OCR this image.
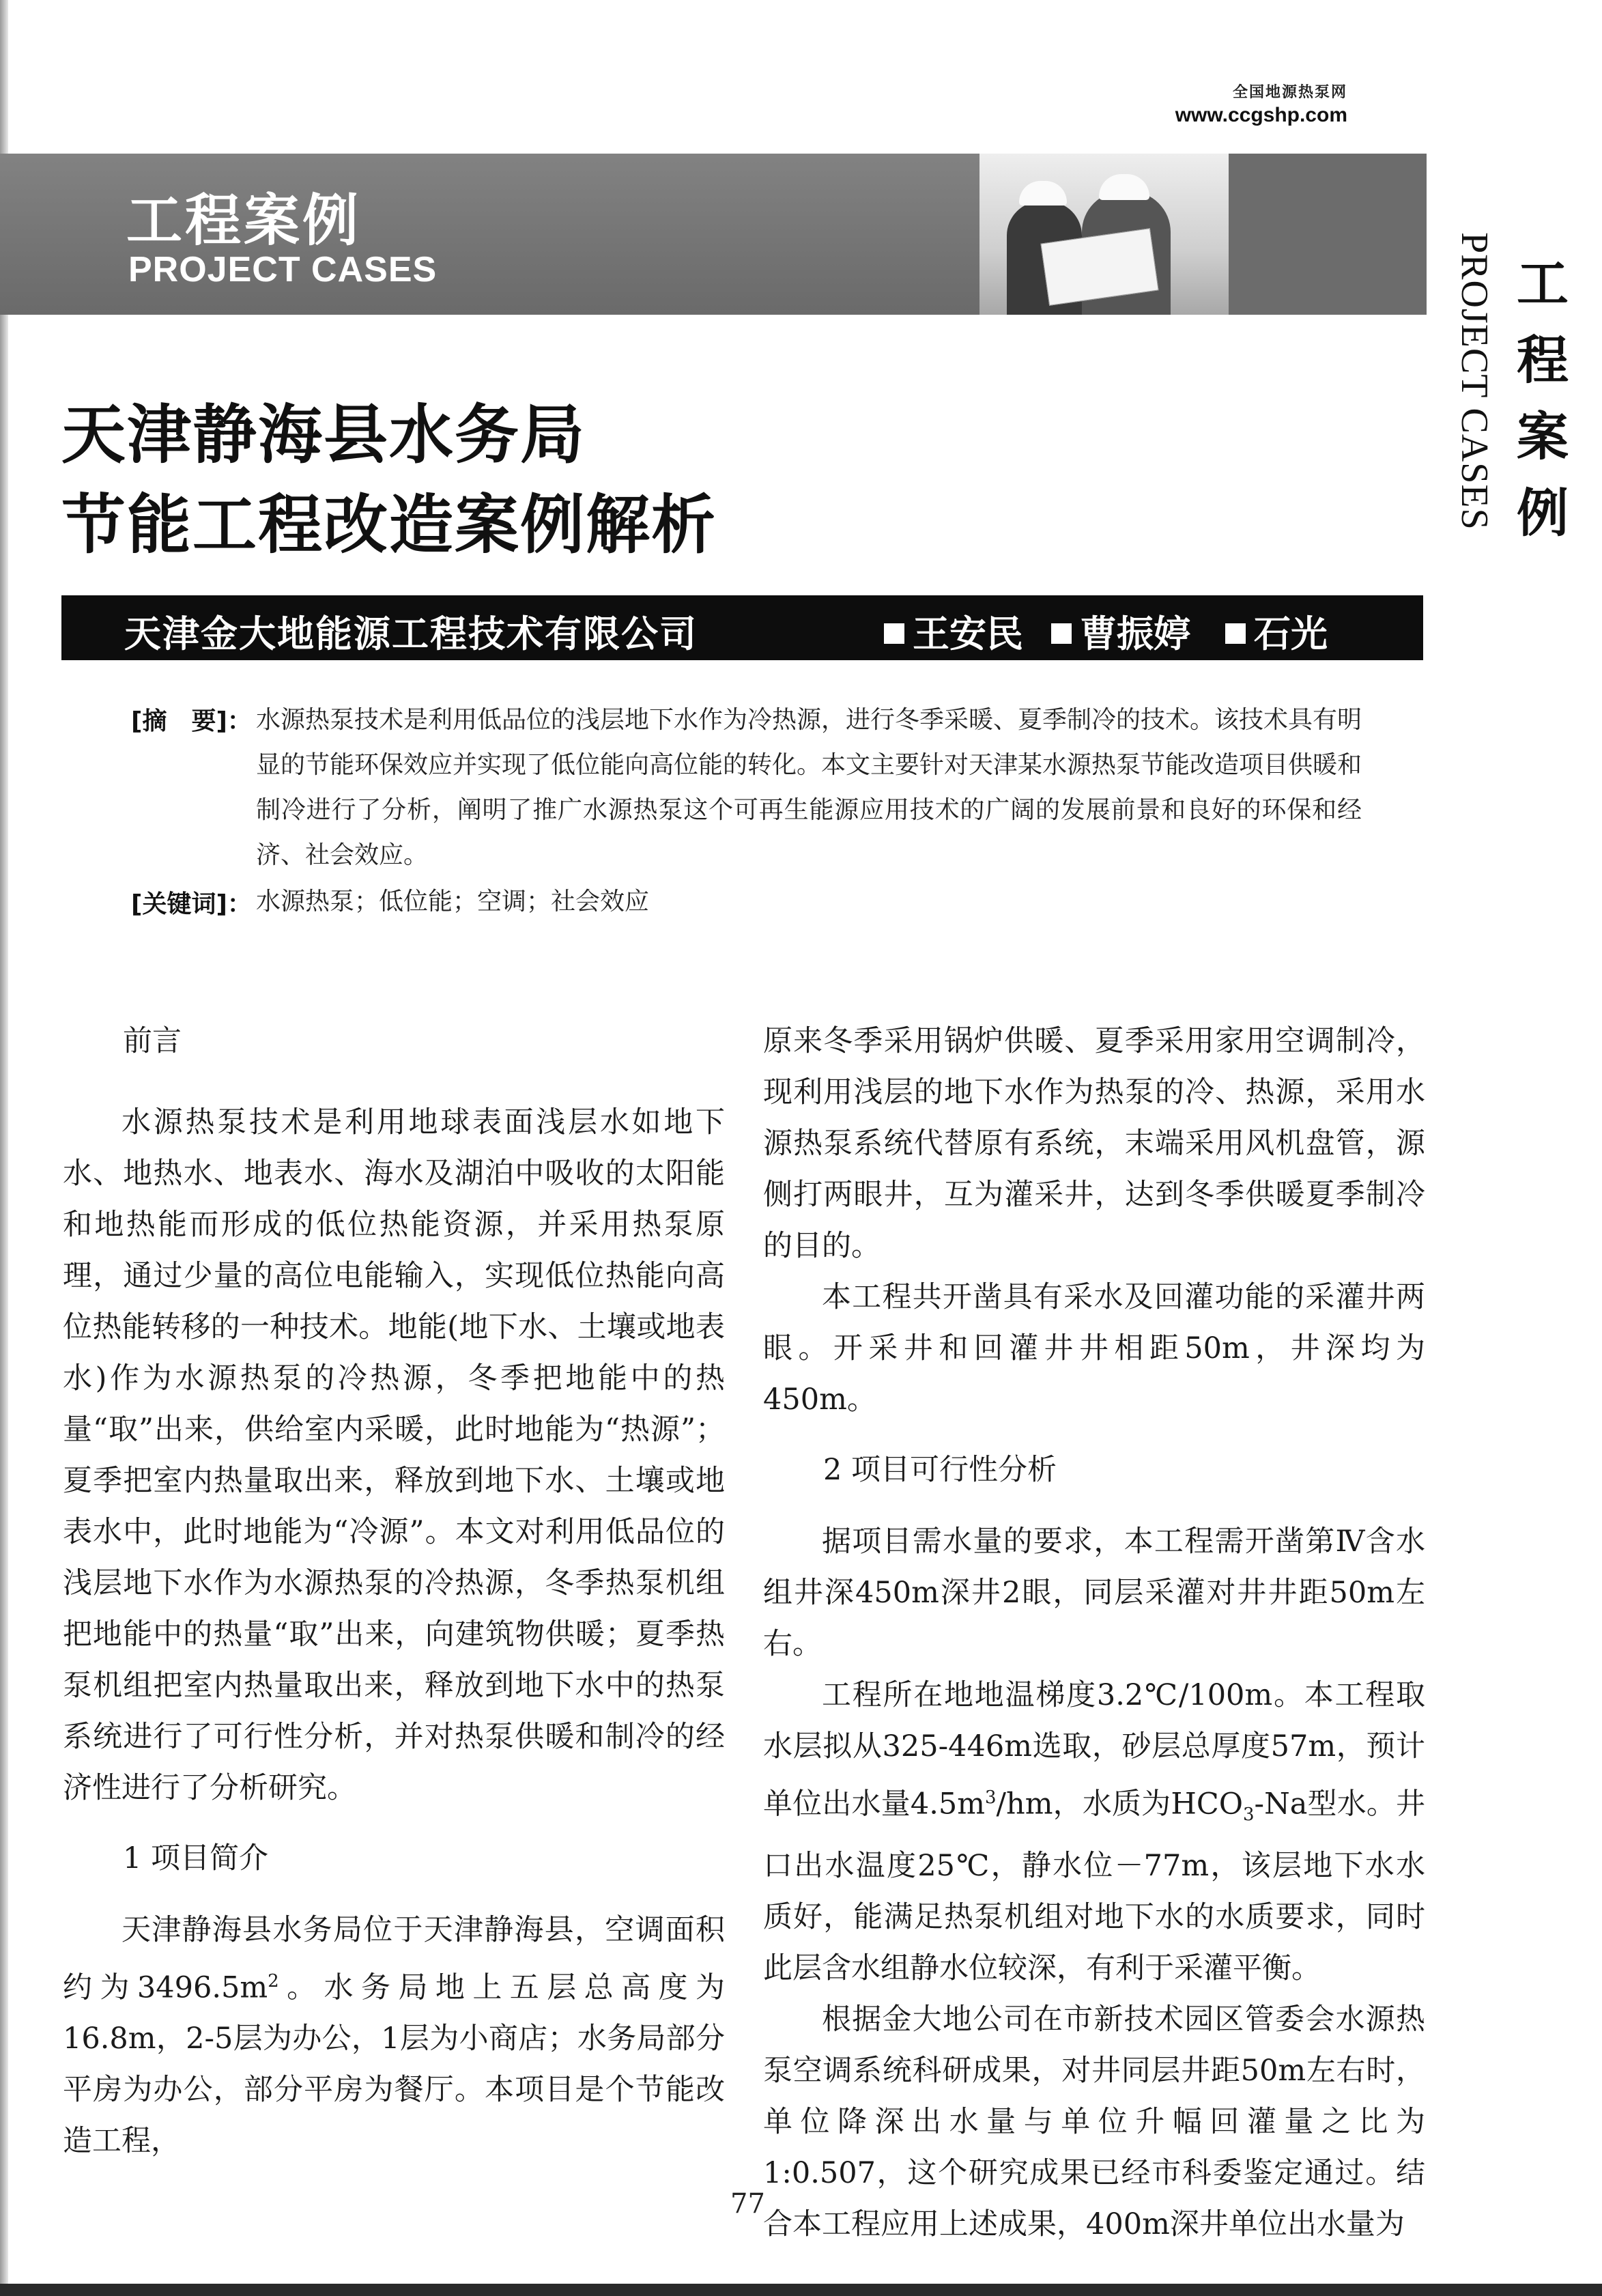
全国地源热泵网
www.ccgshp.com
工程案例
PROJECT CASES	PROJECT CASES 工
程
案
例
天津静海县水务局
节能工程改造案例解析
天津金大地能源工程技术有限公司	王安民	曹振婷	石光
[摘　要]： 水源热泵技术是利用低品位的浅层地下水作为冷热源，进行冬季采暖、夏季制冷的技术。该技术具有明显的节能环保效应并实现了低位能向高位能的转化。本文主要针对天津某水源热泵节能改造项目供暖和制冷进行了分析，阐明了推广水源热泵这个可再生能源应用技术的广阔的发展前景和良好的环保和经济、社会效应。
[关键词]： 水源热泵；低位能；空调；社会效应
前言

水源热泵技术是利用地球表面浅层水如地下水、地热水、地表水、海水及湖泊中吸收的太阳能和地热能而形成的低位热能资源，并采用热泵原理，通过少量的高位电能输入，实现低位热能向高位热能转移的一种技术。地能(地下水、土壤或地表水)作为水源热泵的冷热源，冬季把地能中的热量“取”出来，供给室内采暖，此时地能为“热源”；夏季把室内热量取出来，释放到地下水、土壤或地表水中，此时地能为“冷源”。本文对利用低品位的浅层地下水作为水源热泵的冷热源，冬季热泵机组把地能中的热量“取”出来，向建筑物供暖；夏季热泵机组把室内热量取出来，释放到地下水中的热泵系统进行了可行性分析，并对热泵供暖和制冷的经济性进行了分析研究。

1 项目简介

天津静海县水务局位于天津静海县，空调面积约为$3496.5m^2$。水务局地上五层总高度为16.8m，2-5层为办公，1层为小商店；水务局部分平房为办公，部分平房为餐厅。本项目是个节能改造工程，

原来冬季采用锅炉供暖、夏季采用家用空调制冷，现利用浅层的地下水作为热泵的冷、热源，采用水源热泵系统代替原有系统，末端采用风机盘管，源侧打两眼井，互为灌采井，达到冬季供暖夏季制冷的目的。

本工程共开凿具有采水及回灌功能的采灌井两眼。开采井和回灌井井相距50m，井深均为450m。

2 项目可行性分析

据项目需水量的要求，本工程需开凿第Ⅳ含水组井深450m深井2眼，同层采灌对井井距50m左右。

工程所在地地温梯度3.2℃/100m。本工程取水层拟从325-446m选取，砂层总厚度57m，预计单位出水量$4.5m^3/hm$，水质为$HCO_3-Na$型水。井口出水温度25℃，静水位－77m，该层地下水水质好，能满足热泵机组对地下水的水质要求，同时此层含水组静水位较深，有利于采灌平衡。

根据金大地公司在市新技术园区管委会水源热泵空调系统科研成果，对井同层井距50m左右时，单位降深出水量与单位升幅回灌量之比为1:0.507，这个研究成果已经市科委鉴定通过。结合本工程应用上述成果，400m深井单位出水量为

77
